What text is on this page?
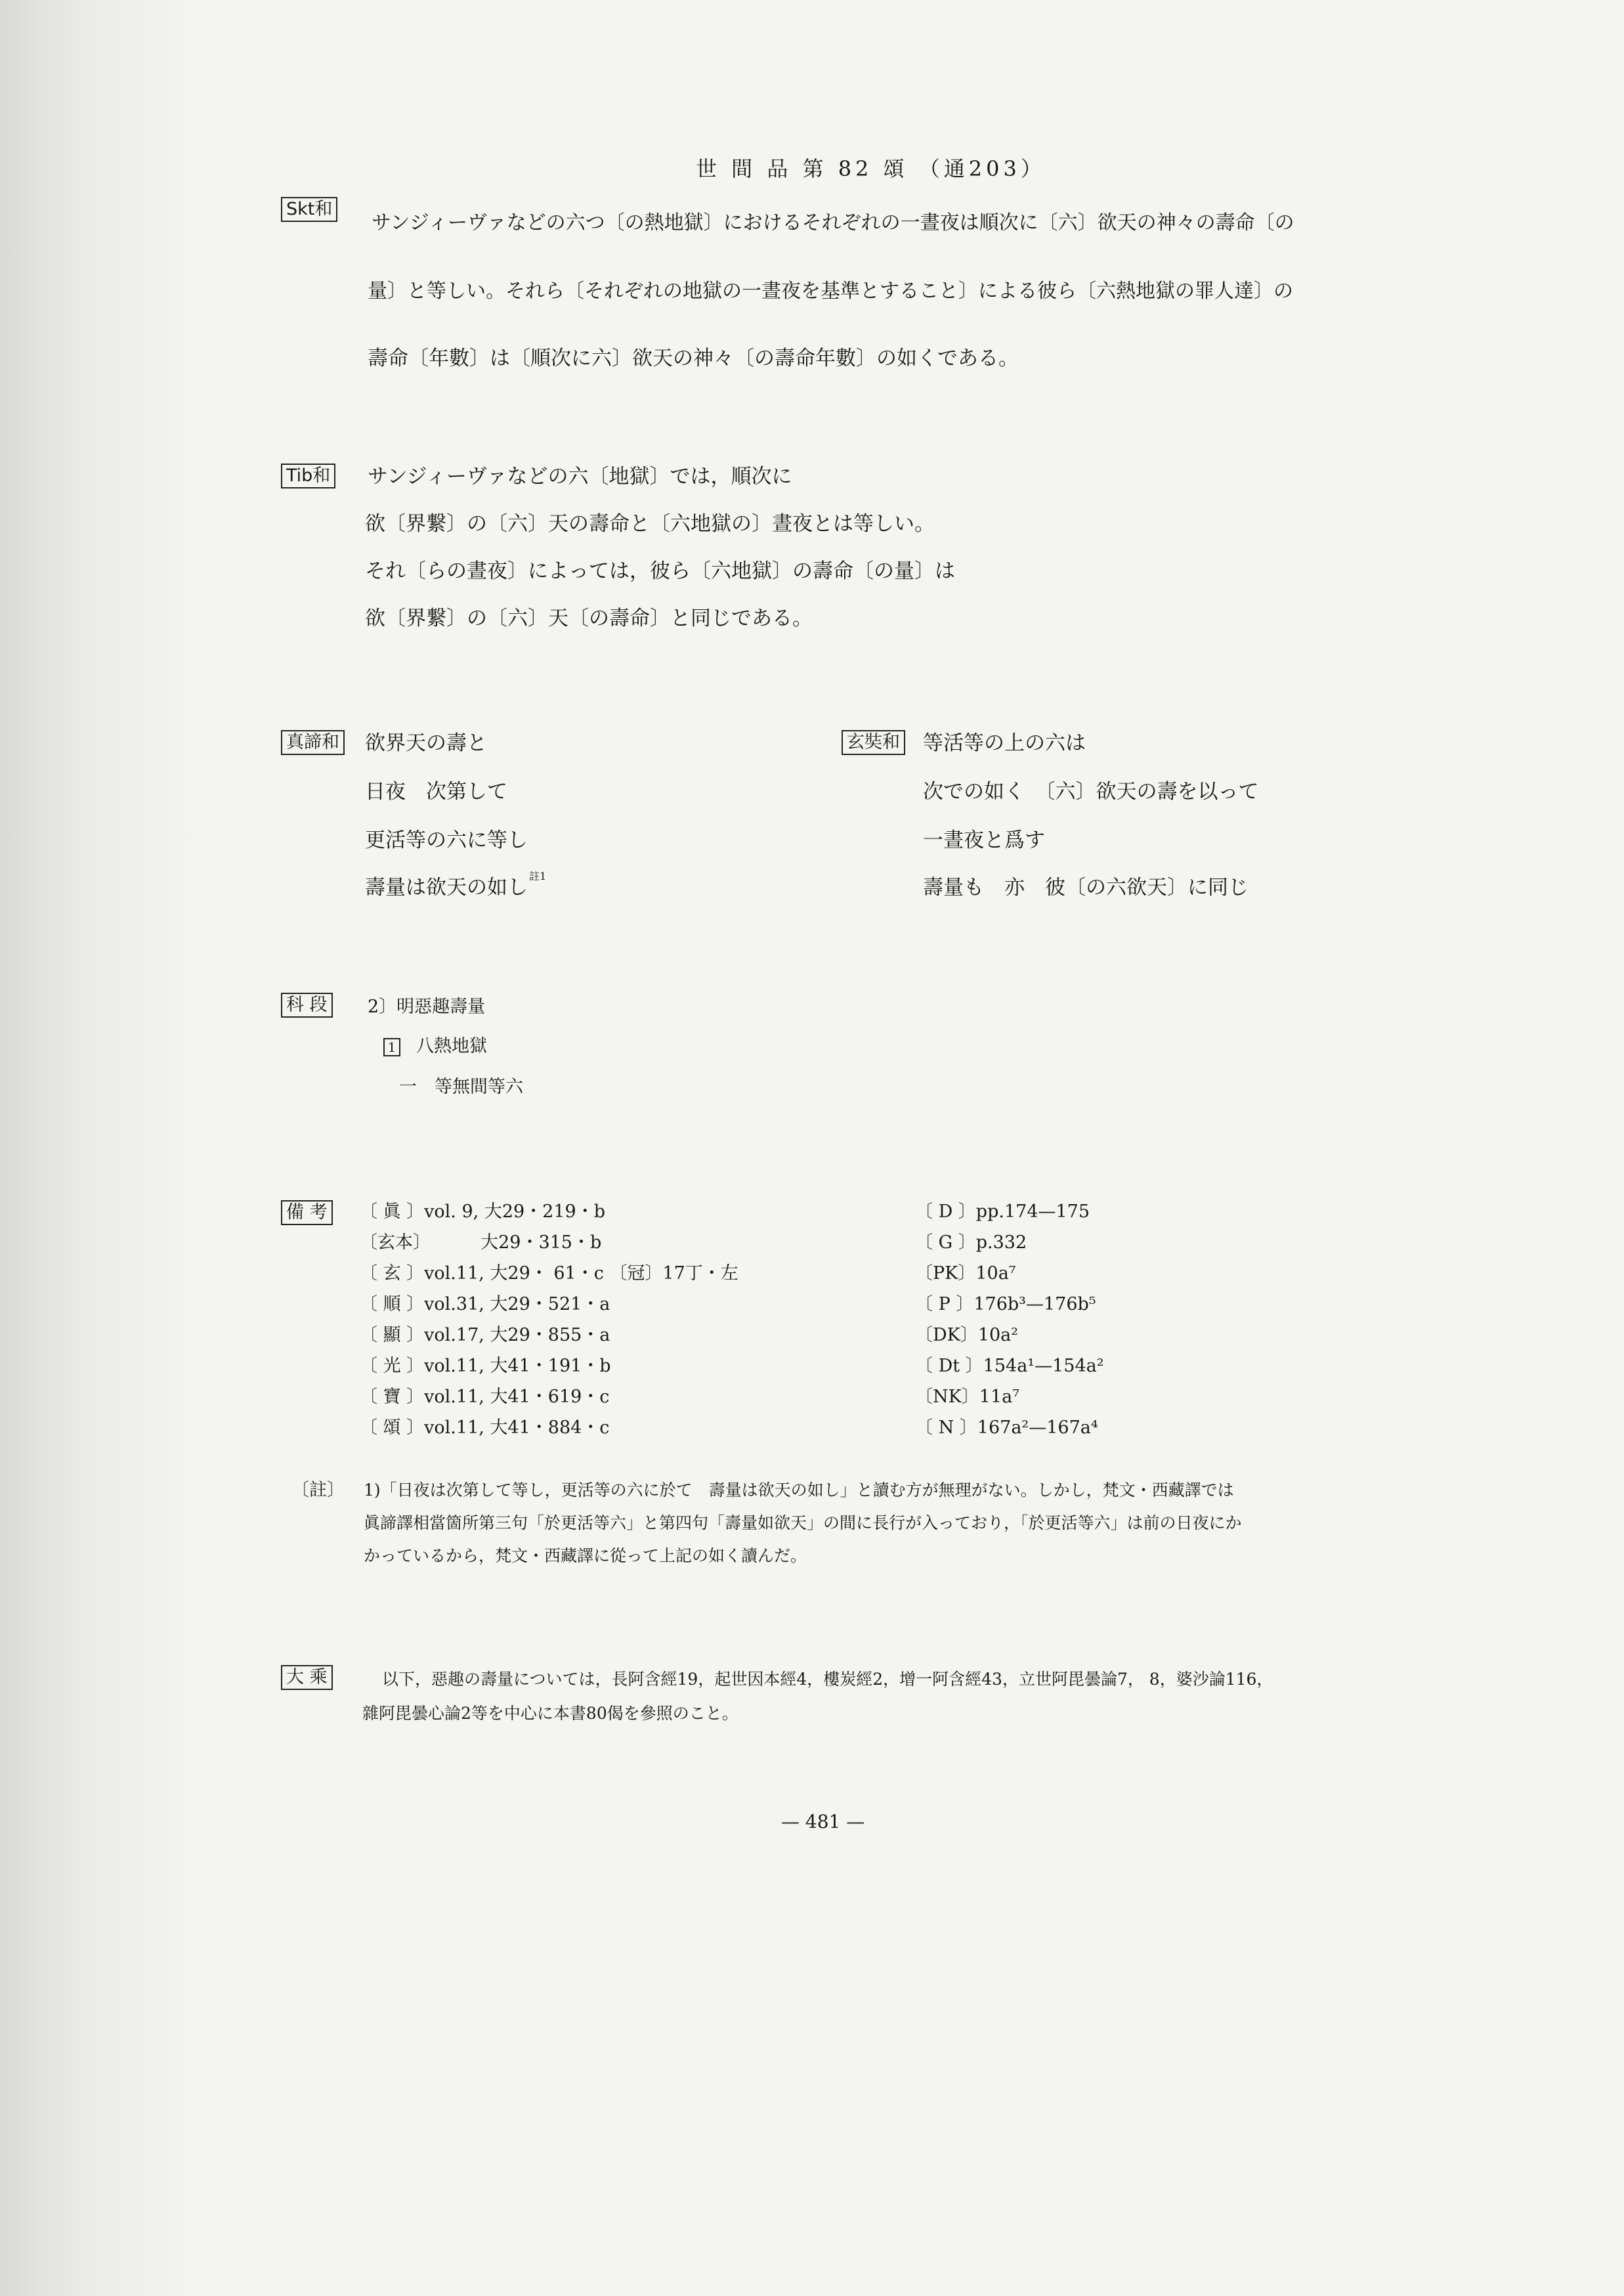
世 間 品 第 82 頌 （通203）
Skt和
サンジィーヴァなどの六つ〔の熱地獄〕におけるそれぞれの一晝夜は順次に〔六〕欲天の神々の壽命〔の
量〕と等しい。それら〔それぞれの地獄の一晝夜を基準とすること〕による彼ら〔六熱地獄の罪人達〕の
壽命〔年數〕は〔順次に六〕欲天の神々〔の壽命年數〕の如くである。
Tib和 サンジィーヴァなどの六〔地獄〕では，順次に
欲〔界繋〕の〔六〕天の壽命と〔六地獄の〕晝夜とは等しい。
それ〔らの晝夜〕によっては，彼ら〔六地獄〕の壽命〔の量〕は
欲〔界繋〕の〔六〕天〔の壽命〕と同じである。
真諦和 欲界天の壽と
日夜　次第して
更活等の六に等し
壽量は欲天の如し $^{註1}$
玄奘和 等活等の上の六は
次での如く　〔六〕欲天の壽を以って
一晝夜と爲す
壽量も　亦　彼〔の六欲天〕に同じ
科 段 2〕明惡趣壽量
1 八熱地獄
一　等無間等六
備 考 〔 眞 〕vol. 9, 大29・219・b
〔玄本〕　　　 大29・315・b
〔 玄 〕vol.11, 大29・ 61・c 〔冠〕17丁・左
〔 順 〕vol.31, 大29・521・a
〔 顯 〕vol.17, 大29・855・a
〔 光 〕vol.11, 大41・191・b
〔 寶 〕vol.11, 大41・619・c
〔 頌 〕vol.11, 大41・884・c
〔 D 〕pp.174—175
〔 G 〕p.332
〔PK〕10a⁷
〔 P 〕176b³—176b⁵
〔DK〕10a²
〔 Dt 〕154a¹—154a²
〔NK〕11a⁷
〔 N 〕167a²—167a⁴
〔註〕 1)「日夜は次第して等し，更活等の六に於て　壽量は欲天の如し」と讀む方が無理がない。しかし，梵文・西藏譯では
眞諦譯相當箇所第三句「於更活等六」と第四句「壽量如欲天」の間に長行が入っており，「於更活等六」は前の日夜にか
かっているから，梵文・西藏譯に從って上記の如く讀んだ。
大 乘	以下，惡趣の壽量については，長阿含經19，起世因本經4，樓炭經2，增一阿含經43，立世阿毘曇論7， 8，婆沙論116，
雜阿毘曇心論2等を中心に本書80偈を參照のこと。
— 481 —
